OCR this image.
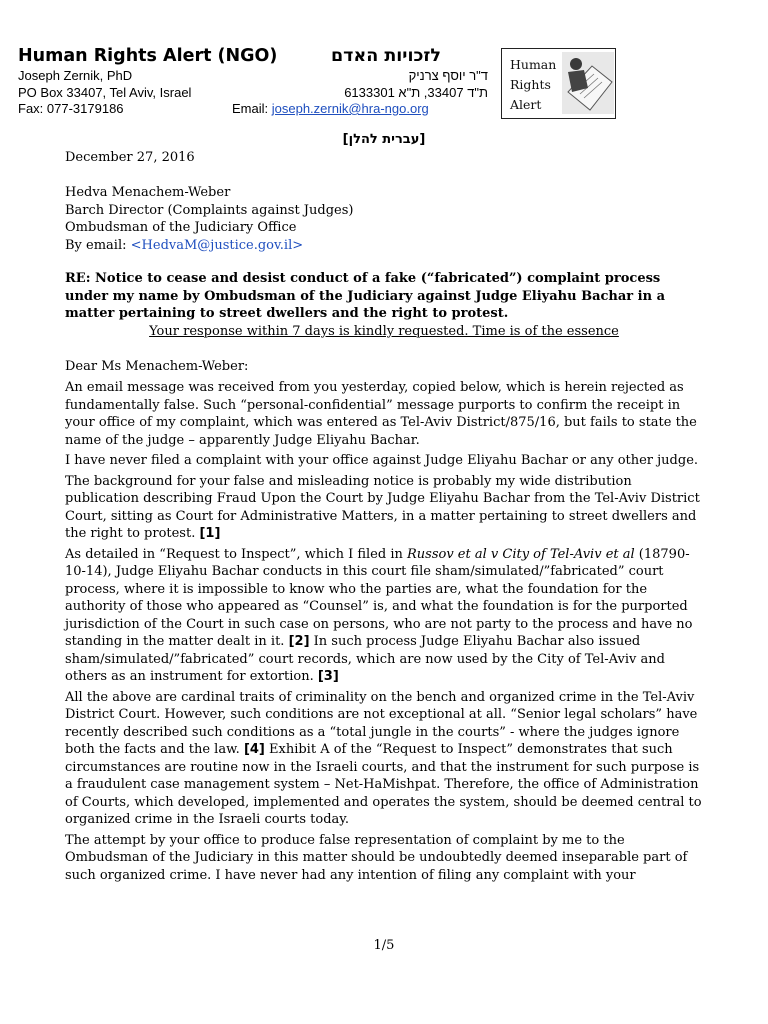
Human Rights Alert (NGO)	לזכויות האדם
Joseph Zernik, PhD	ד"ר יוסף צרניק
PO Box 33407, Tel Aviv, Israel	ת"ד 33407, ת"א 6133301
Fax: 077-3179186	Email: joseph.zernik@hra-ngo.org
Human
Rights
Alert
[עברית להלן]
December 27, 2016
Hedva Menachem-Weber
Barch Director (Complaints against Judges)
Ombudsman of the Judiciary Office
By email: <HedvaM@justice.gov.il>
RE: Notice to cease and desist conduct of a fake (“fabricated”) complaint process under my name by Ombudsman of the Judiciary against Judge Eliyahu Bachar in a matter pertaining to street dwellers and the right to protest.
Your response within 7 days is kindly requested. Time is of the essence
Dear Ms Menachem-Weber:

An email message was received from you yesterday, copied below, which is herein rejected as fundamentally false. Such “personal-confidential” message purports to confirm the receipt in your office of my complaint, which was entered as Tel-Aviv District/875/16, but fails to state the name of the judge – apparently Judge Eliyahu Bachar.

I have never filed a complaint with your office against Judge Eliyahu Bachar or any other judge.

The background for your false and misleading notice is probably my wide distribution publication describing Fraud Upon the Court by Judge Eliyahu Bachar from the Tel-Aviv District Court, sitting as Court for Administrative Matters, in a matter pertaining to street dwellers and the right to protest. [1]

As detailed in “Request to Inspect”, which I filed in Russov et al v City of Tel-Aviv et al (18790-10-14), Judge Eliyahu Bachar conducts in this court file sham/simulated/”fabricated” court process, where it is impossible to know who the parties are, what the foundation for the authority of those who appeared as “Counsel” is, and what the foundation is for the purported jurisdiction of the Court in such case on persons, who are not party to the process and have no standing in the matter dealt in it. [2] In such process Judge Eliyahu Bachar also issued sham/simulated/”fabricated” court records, which are now used by the City of Tel-Aviv and others as an instrument for extortion. [3]

All the above are cardinal traits of criminality on the bench and organized crime in the Tel-Aviv District Court. However, such conditions are not exceptional at all. “Senior legal scholars” have recently described such conditions as a “total jungle in the courts” - where the judges ignore both the facts and the law. [4] Exhibit A of the “Request to Inspect” demonstrates that such circumstances are routine now in the Israeli courts, and that the instrument for such purpose is a fraudulent case management system – Net-HaMishpat. Therefore, the office of Administration of Courts, which developed, implemented and operates the system, should be deemed central to organized crime in the Israeli courts today.

The attempt by your office to produce false representation of complaint by me to the Ombudsman of the Judiciary in this matter should be undoubtedly deemed inseparable part of such organized crime. I have never had any intention of filing any complaint with your

1/5
